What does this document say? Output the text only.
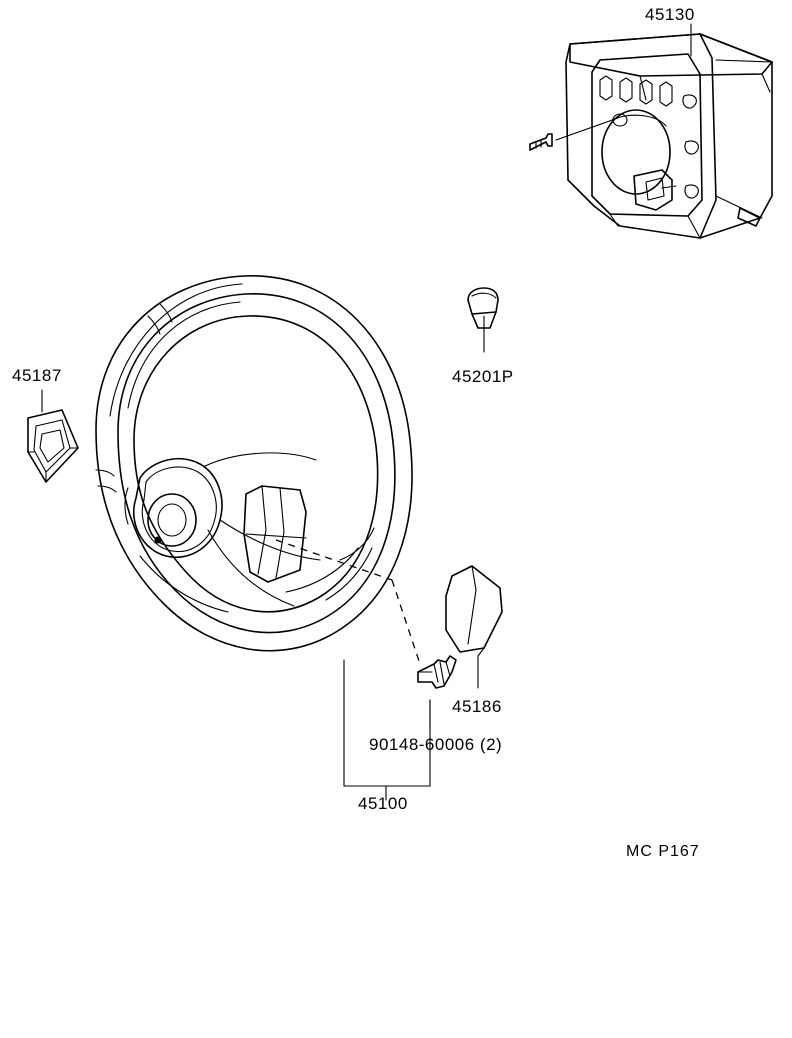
45130
45187	45201P
45186
90148-60006 (2)
45100
MC P167
